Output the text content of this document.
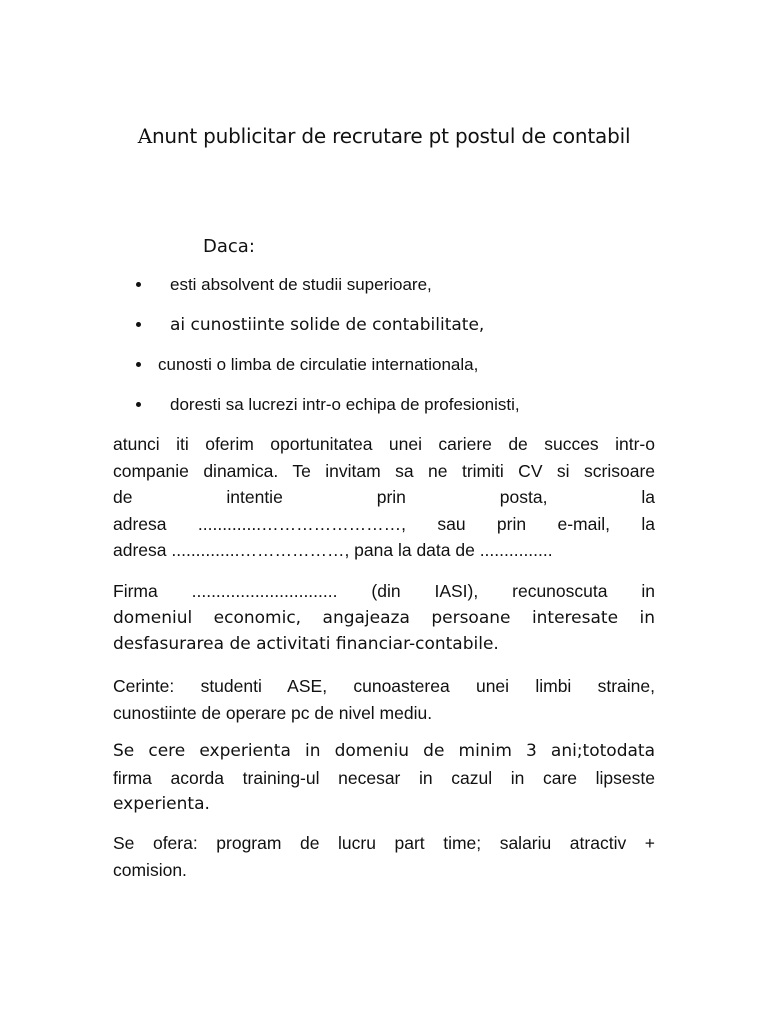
Anunt publicitar de recrutare pt postul de contabil
Daca:
esti absolvent de studii superioare,
ai cunostiinte solide de contabilitate,
cunosti o limba de circulatie internationala,
doresti sa lucrezi intr-o echipa de profesionisti,
atunci iti oferim oportunitatea unei cariere de succes intr-o
companie dinamica. Te invitam sa ne trimiti CV si scrisoare
de intentie prin posta, la
adresa .............……………………, sau prin e-mail, la
adresa ..............………………, pana la data de ...............
Firma .............................. (din IASI), recunoscuta in
domeniul economic, angajeaza persoane interesate in
desfasurarea de activitati financiar-contabile.
Cerinte: studenti ASE, cunoasterea unei limbi straine,
cunostiinte de operare pc de nivel mediu.
Se cere experienta in domeniu de minim 3 ani;totodata
firma acorda training-ul necesar in cazul in care lipseste
experienta.
Se ofera: program de lucru part time; salariu atractiv +
comision.
